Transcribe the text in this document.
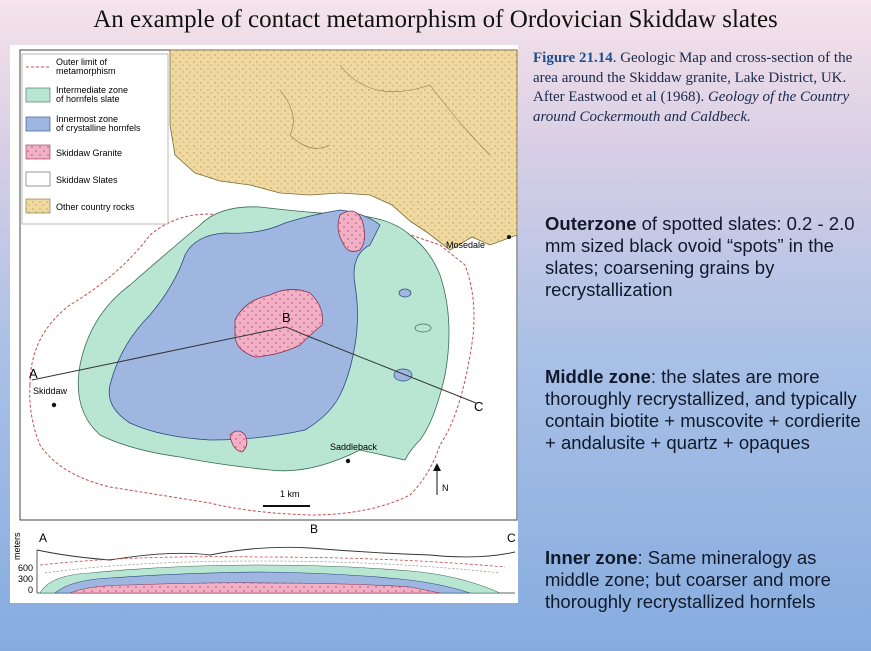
An example of contact metamorphism of Ordovician Skiddaw slates
A
B
C
Mosedale
Skiddaw
Saddleback
N
1 km
Outer limit of
metamorphism
Intermediate zone
of hornfels slate
Innermost zone
of crystalline hornfels
Skiddaw Granite
Skiddaw Slates
Other country rocks
meters A
B
C
600
300
0
Figure 21.14. Geologic Map and cross-section of the area around the Skiddaw granite, Lake District, UK. After Eastwood et al (1968). Geology of the Country around Cockermouth and Caldbeck.
Outerzone of spotted slates: 0.2 - 2.0 mm sized black ovoid “spots” in the slates; coarsening grains by recrystallization
Middle zone: the slates are more thoroughly recrystallized, and typically contain biotite + muscovite + cordierite + andalusite + quartz + opaques
Inner zone: Same mineralogy as middle zone; but coarser and more thoroughly recrystallized hornfels
